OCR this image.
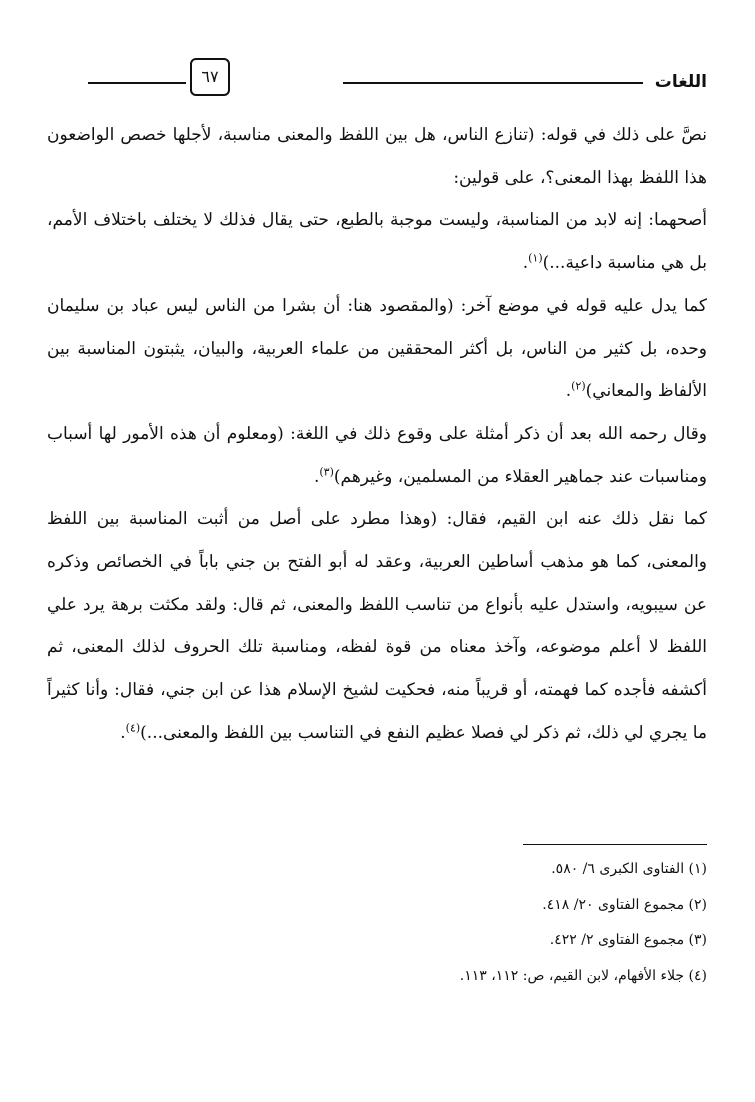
اللغات
٦٧

نصَّ على ذلك في قوله: (تنازع الناس، هل بين اللفظ والمعنى مناسبة، لأجلها خصص الواضعون هذا اللفظ بهذا المعنى؟، على قولين:

أصحهما: إنه لابد من المناسبة، وليست موجبة بالطبع، حتى يقال فذلك لا يختلف باختلاف الأمم، بل هي مناسبة داعية...)$^{(١)}$.

كما يدل عليه قوله في موضع آخر: (والمقصود هنا: أن بشرا من الناس ليس عباد بن سليمان وحده، بل كثير من الناس، بل أكثر المحققين من علماء العربية، والبيان، يثبتون المناسبة بين الألفاظ والمعاني)$^{(٢)}$.

وقال رحمه الله بعد أن ذكر أمثلة على وقوع ذلك في اللغة: (ومعلوم أن هذه الأمور لها أسباب ومناسبات عند جماهير العقلاء من المسلمين، وغيرهم)$^{(٣)}$.

كما نقل ذلك عنه ابن القيم، فقال: (وهذا مطرد على أصل من أثبت المناسبة بين اللفظ والمعنى، كما هو مذهب أساطين العربية، وعقد له أبو الفتح بن جني باباً في الخصائص وذكره عن سيبويه، واستدل عليه بأنواع من تناسب اللفظ والمعنى، ثم قال: ولقد مكثت برهة يرد علي اللفظ لا أعلم موضوعه، وآخذ معناه من قوة لفظه، ومناسبة تلك الحروف لذلك المعنى، ثم أكشفه فأجده كما فهمته، أو قريباً منه، فحكيت لشيخ الإسلام هذا عن ابن جني، فقال: وأنا كثيراً ما يجري لي ذلك، ثم ذكر لي فصلا عظيم النفع في التناسب بين اللفظ والمعنى...)$^{(٤)}$.

(١) الفتاوى الكبرى ٦/ ٥٨٠.

(٢) مجموع الفتاوى ٢٠/ ٤١٨.

(٣) مجموع الفتاوى ٢/ ٤٢٢.

(٤) جلاء الأفهام، لابن القيم، ص: ١١٢، ١١٣.
